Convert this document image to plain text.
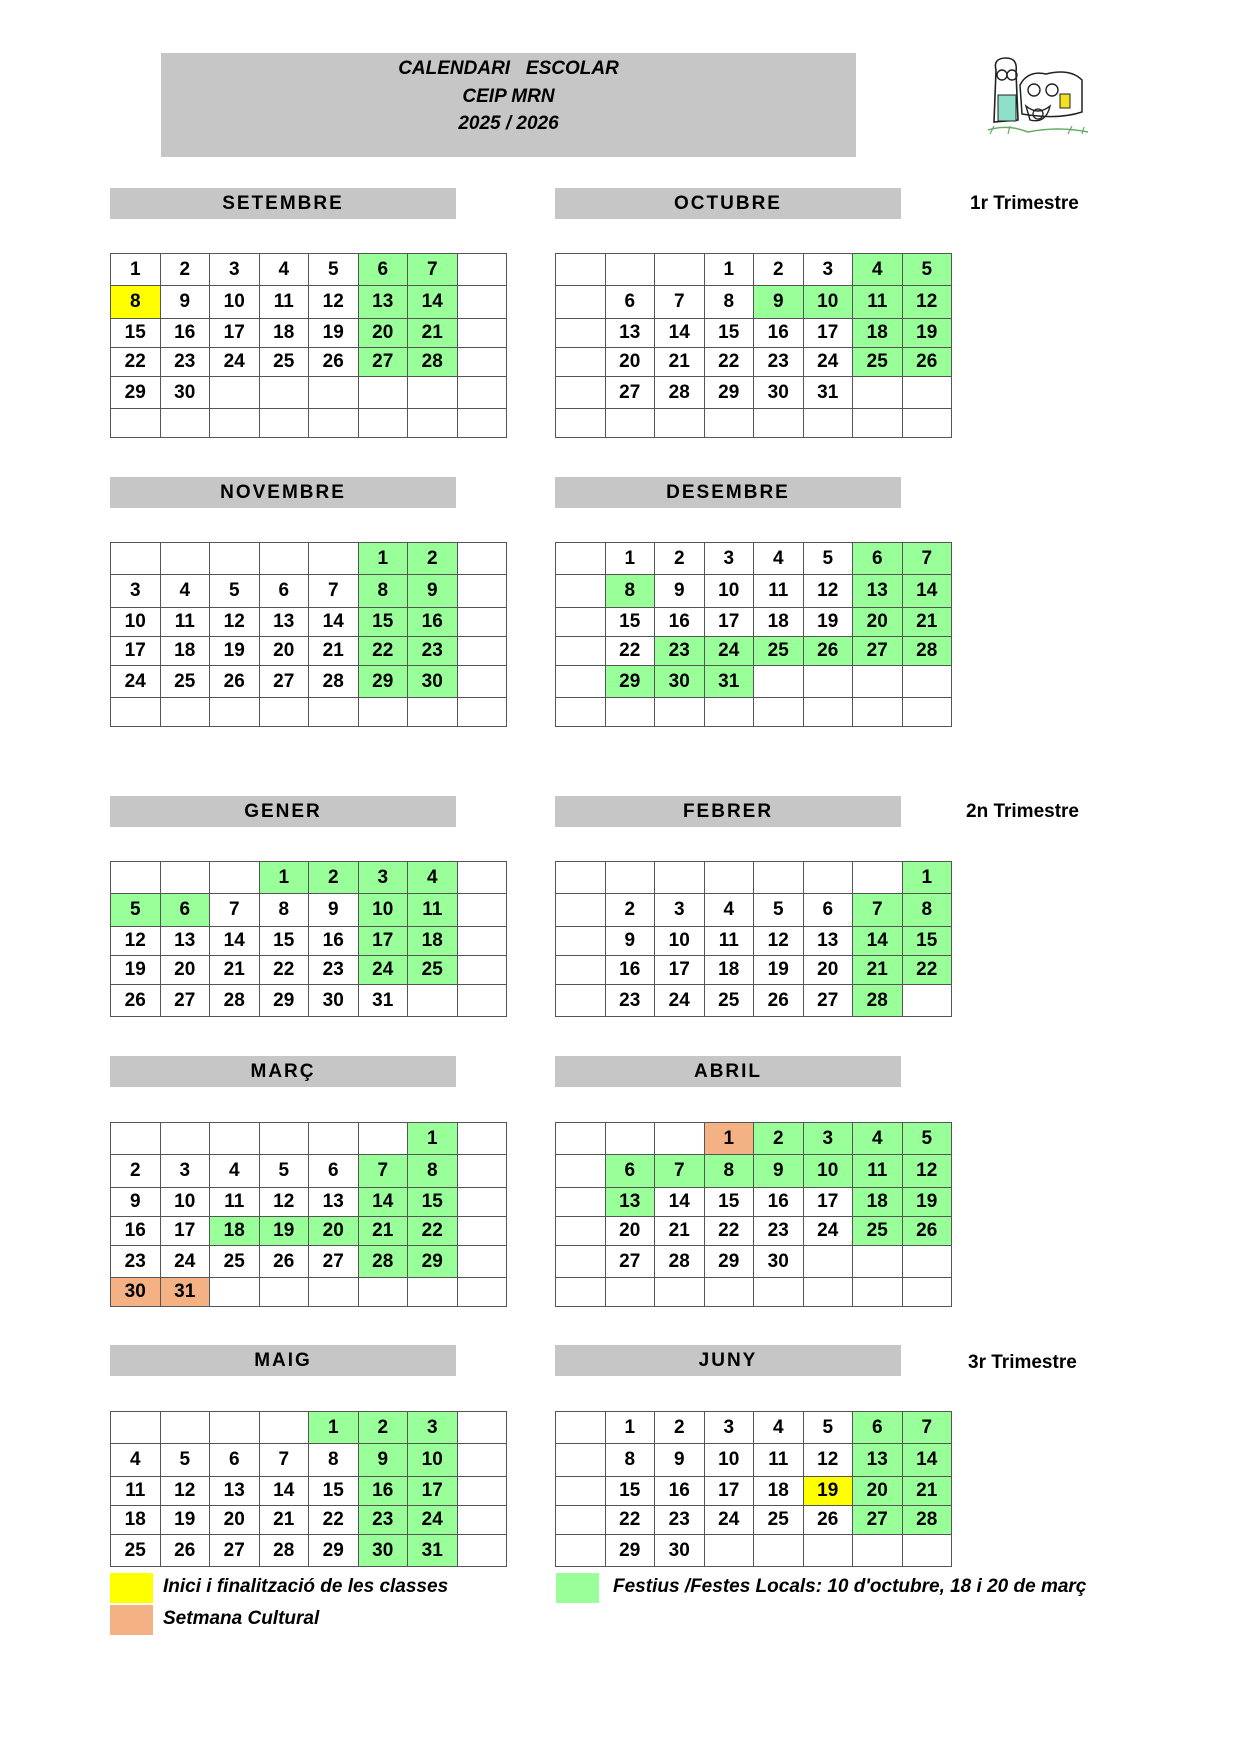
CALENDARI   ESCOLAR
CEIP MRN
2025 / 2026
1r Trimestre
2n Trimestre
3r Trimestre
SETEMBRE
1	2	3	4	5	6	7	
8	9	10	11	12	13	14	
15	16	17	18	19	20	21	
22	23	24	25	26	27	28	
29	30						

OCTUBRE
			1	2	3	4	5
	6	7	8	9	10	11	12
	13	14	15	16	17	18	19
	20	21	22	23	24	25	26
	27	28	29	30	31		

NOVEMBRE
					1	2	
3	4	5	6	7	8	9	
10	11	12	13	14	15	16	
17	18	19	20	21	22	23	
24	25	26	27	28	29	30	

DESEMBRE
	1	2	3	4	5	6	7
	8	9	10	11	12	13	14
	15	16	17	18	19	20	21
	22	23	24	25	26	27	28
	29	30	31				

GENER
			1	2	3	4	
5	6	7	8	9	10	11	
12	13	14	15	16	17	18	
19	20	21	22	23	24	25	
26	27	28	29	30	31		
FEBRER
							1
	2	3	4	5	6	7	8
	9	10	11	12	13	14	15
	16	17	18	19	20	21	22
	23	24	25	26	27	28	
MARÇ
						1	
2	3	4	5	6	7	8	
9	10	11	12	13	14	15	
16	17	18	19	20	21	22	
23	24	25	26	27	28	29	
30	31						
ABRIL
			1	2	3	4	5
	6	7	8	9	10	11	12
	13	14	15	16	17	18	19
	20	21	22	23	24	25	26
	27	28	29	30			

MAIG
				1	2	3	
4	5	6	7	8	9	10	
11	12	13	14	15	16	17	
18	19	20	21	22	23	24	
25	26	27	28	29	30	31	
JUNY
	1	2	3	4	5	6	7
	8	9	10	11	12	13	14
	15	16	17	18	19	20	21
	22	23	24	25	26	27	28
	29	30					
Inici i finalització de les classes
Setmana Cultural
Festius /Festes Locals: 10 d'octubre, 18 i 20 de març
